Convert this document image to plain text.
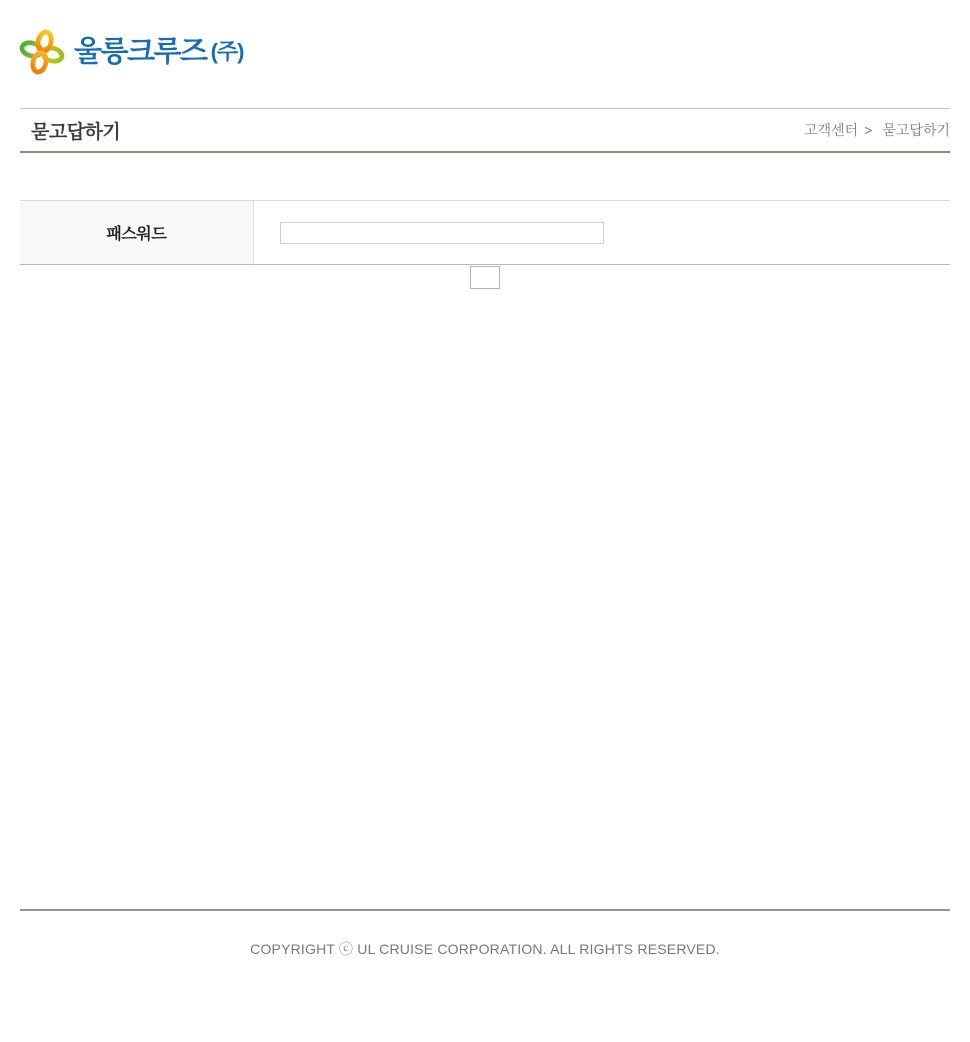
울릉크루즈 (주)
묻고답하기	고객센터 > 묻고답하기
패스워드	
COPYRIGHT ⓒ UL CRUISE CORPORATION. ALL RIGHTS RESERVED.
